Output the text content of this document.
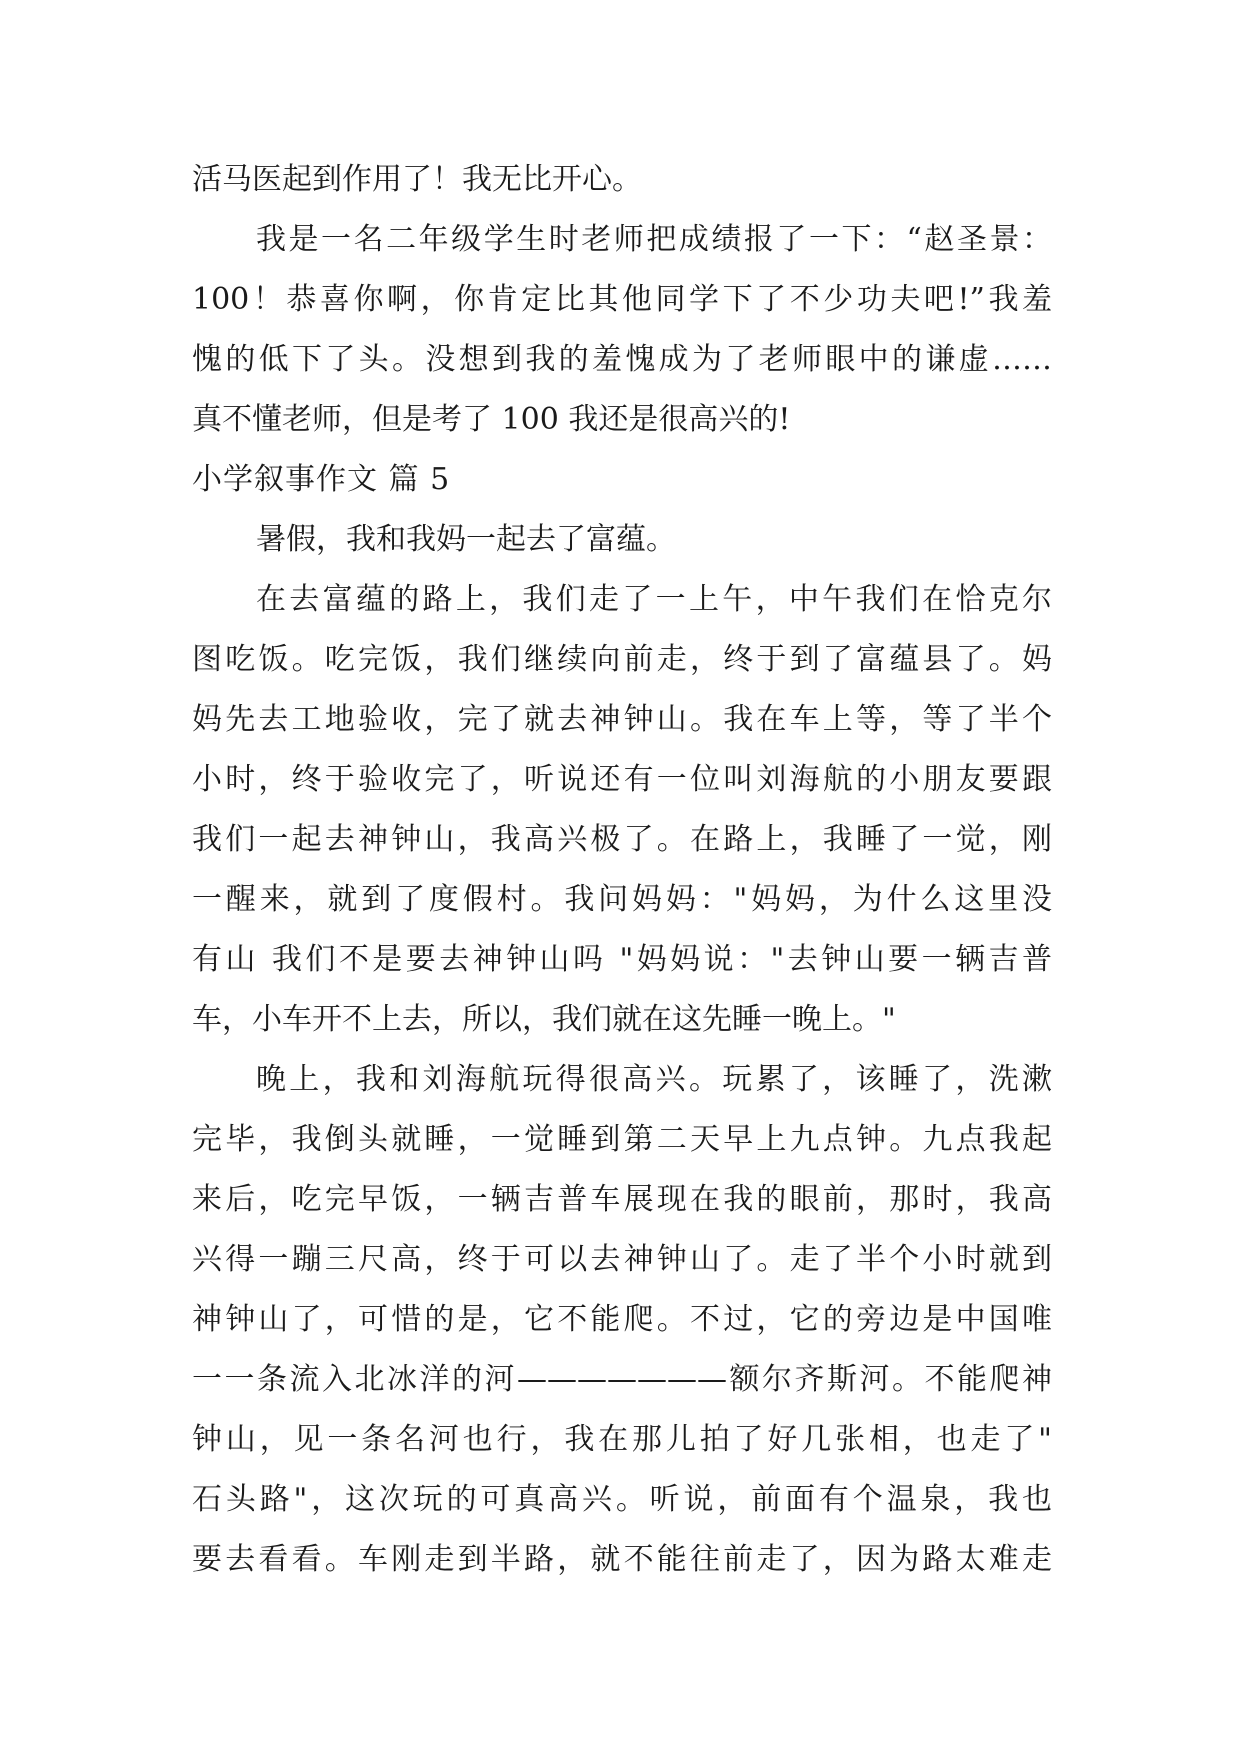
活马医起到作用了！我无比开心。
我是一名二年级学生时老师把成绩报了一下：“赵圣景：
100！恭喜你啊，你肯定比其他同学下了不少功夫吧!”我羞
愧的低下了头。没想到我的羞愧成为了老师眼中的谦虚……
真不懂老师，但是考了 100 我还是很高兴的!
小学叙事作文 篇 5
暑假，我和我妈一起去了富蕴。
在去富蕴的路上，我们走了一上午，中午我们在恰克尔
图吃饭。吃完饭，我们继续向前走，终于到了富蕴县了。妈
妈先去工地验收，完了就去神钟山。我在车上等，等了半个
小时，终于验收完了，听说还有一位叫刘海航的小朋友要跟
我们一起去神钟山，我高兴极了。在路上，我睡了一觉，刚
一醒来，就到了度假村。我问妈妈："妈妈，为什么这里没
有山 我们不是要去神钟山吗 "妈妈说："去钟山要一辆吉普
车，小车开不上去，所以，我们就在这先睡一晚上。"
晚上，我和刘海航玩得很高兴。玩累了，该睡了，洗漱
完毕，我倒头就睡，一觉睡到第二天早上九点钟。九点我起
来后，吃完早饭，一辆吉普车展现在我的眼前，那时，我高
兴得一蹦三尺高，终于可以去神钟山了。走了半个小时就到
神钟山了，可惜的是，它不能爬。不过，它的旁边是中国唯
一一条流入北冰洋的河———————额尔齐斯河。不能爬神
钟山，见一条名河也行，我在那儿拍了好几张相，也走了"
石头路"，这次玩的可真高兴。听说，前面有个温泉，我也
要去看看。车刚走到半路，就不能往前走了，因为路太难走
